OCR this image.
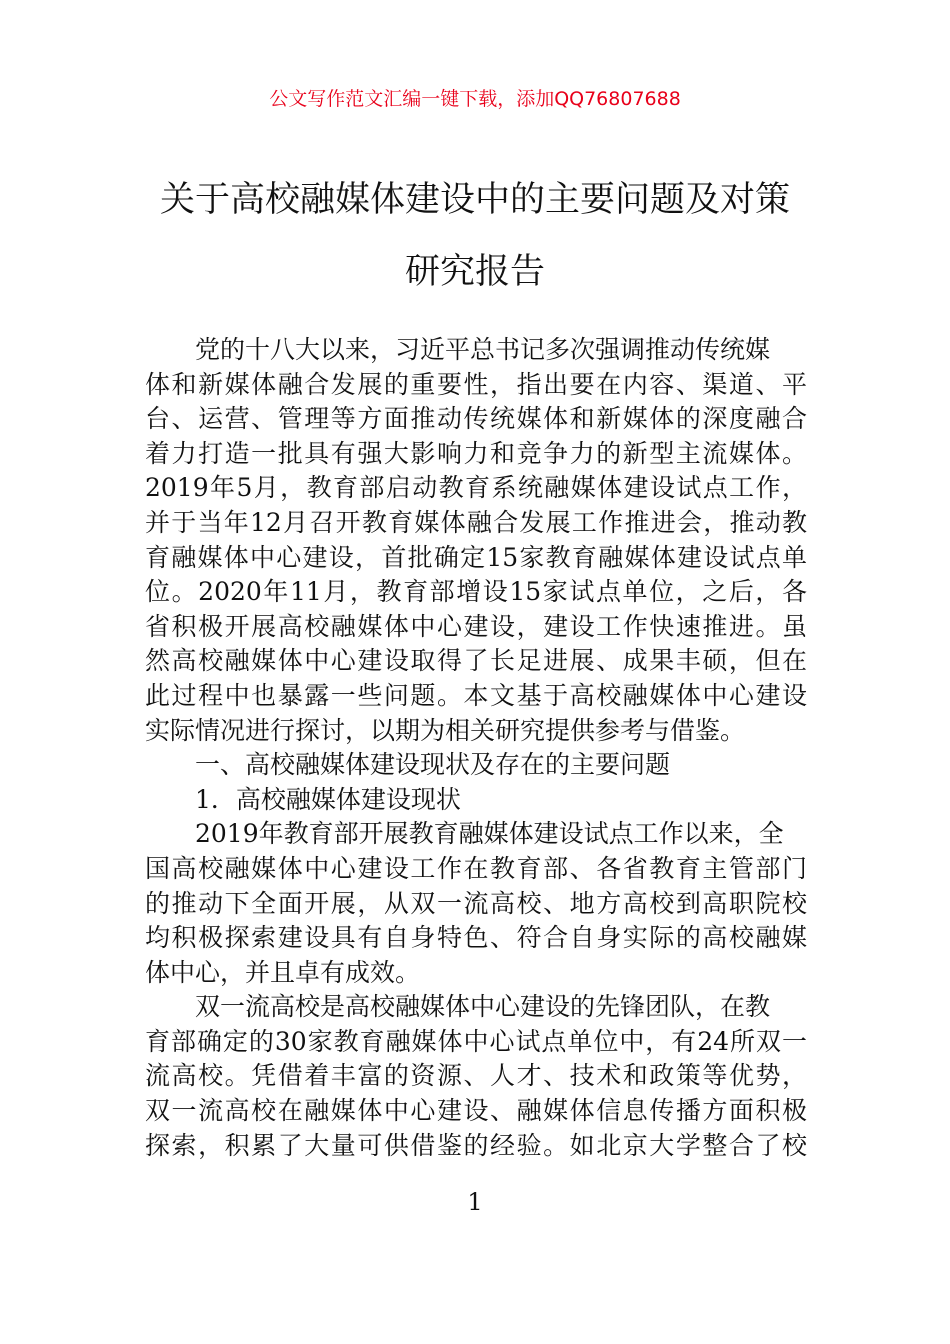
公文写作范文汇编一键下载，添加QQ76807688
关于高校融媒体建设中的主要问题及对策
研究报告
党的十八大以来，习近平总书记多次强调推动传统媒
体和新媒体融合发展的重要性，指出要在内容、渠道、平
台、运营、管理等方面推动传统媒体和新媒体的深度融合
着力打造一批具有强大影响力和竞争力的新型主流媒体。
2019年5月，教育部启动教育系统融媒体建设试点工作，
并于当年12月召开教育媒体融合发展工作推进会，推动教
育融媒体中心建设，首批确定15家教育融媒体建设试点单
位。2020年11月，教育部增设15家试点单位，之后，各
省积极开展高校融媒体中心建设，建设工作快速推进。虽
然高校融媒体中心建设取得了长足进展、成果丰硕，但在
此过程中也暴露一些问题。本文基于高校融媒体中心建设
实际情况进行探讨，以期为相关研究提供参考与借鉴。
一、高校融媒体建设现状及存在的主要问题
1．高校融媒体建设现状
2019年教育部开展教育融媒体建设试点工作以来，全
国高校融媒体中心建设工作在教育部、各省教育主管部门
的推动下全面开展，从双一流高校、地方高校到高职院校
均积极探索建设具有自身特色、符合自身实际的高校融媒
体中心，并且卓有成效。
双一流高校是高校融媒体中心建设的先锋团队，在教
育部确定的30家教育融媒体中心试点单位中，有24所双一
流高校。凭借着丰富的资源、人才、技术和政策等优势，
双一流高校在融媒体中心建设、融媒体信息传播方面积极
探索，积累了大量可供借鉴的经验。如北京大学整合了校
1
